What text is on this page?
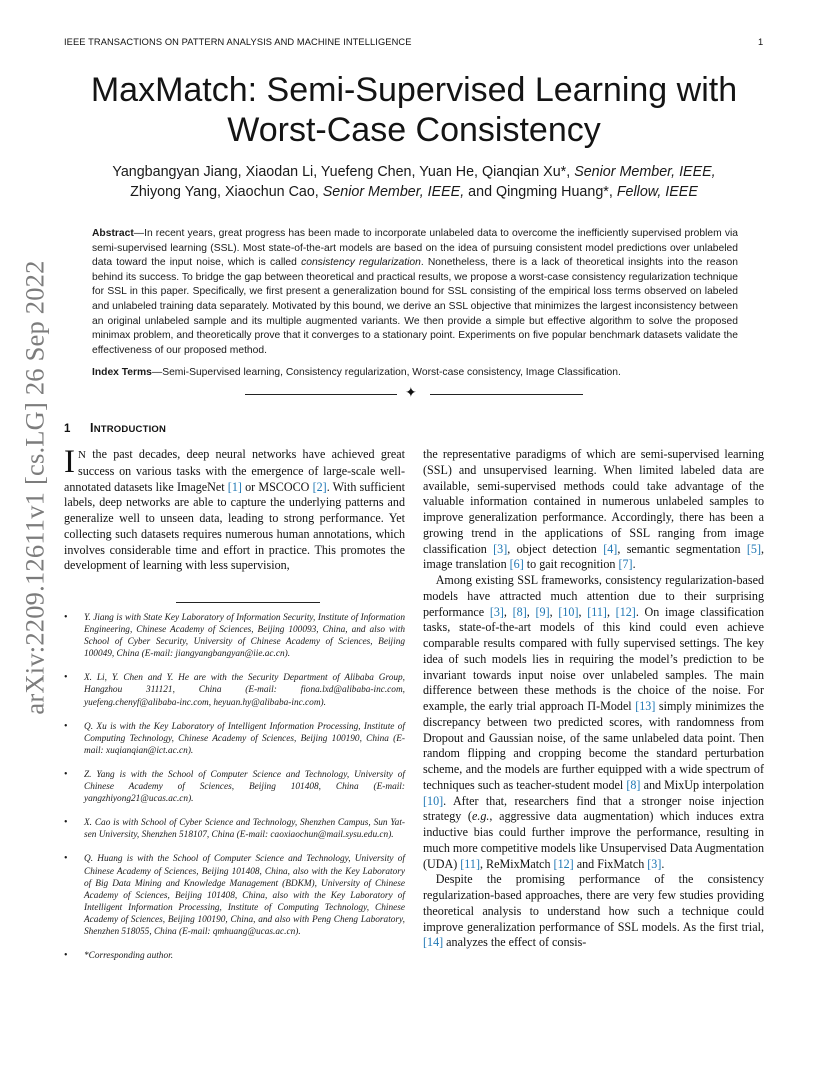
IEEE TRANSACTIONS ON PATTERN ANALYSIS AND MACHINE INTELLIGENCE	1
arXiv:2209.12611v1 [cs.LG] 26 Sep 2022
MaxMatch: Semi-Supervised Learning with Worst-Case Consistency
Yangbangyan Jiang, Xiaodan Li, Yuefeng Chen, Yuan He, Qianqian Xu*, Senior Member, IEEE,
Zhiyong Yang, Xiaochun Cao, Senior Member, IEEE, and Qingming Huang*, Fellow, IEEE
Abstract—In recent years, great progress has been made to incorporate unlabeled data to overcome the inefficiently supervised problem via semi-supervised learning (SSL). Most state-of-the-art models are based on the idea of pursuing consistent model predictions over unlabeled data toward the input noise, which is called consistency regularization. Nonetheless, there is a lack of theoretical insights into the reason behind its success. To bridge the gap between theoretical and practical results, we propose a worst-case consistency regularization technique for SSL in this paper. Specifically, we first present a generalization bound for SSL consisting of the empirical loss terms observed on labeled and unlabeled training data separately. Motivated by this bound, we derive an SSL objective that minimizes the largest inconsistency between an original unlabeled sample and its multiple augmented variants. We then provide a simple but effective algorithm to solve the proposed minimax problem, and theoretically prove that it converges to a stationary point. Experiments on five popular benchmark datasets validate the effectiveness of our proposed method.
Index Terms—Semi-Supervised learning, Consistency regularization, Worst-case consistency, Image Classification.
✦
1 INTRODUCTION

I N the past decades, deep neural networks have achieved great success on various tasks with the emergence of large-scale well-annotated datasets like ImageNet [1] or MSCOCO [2]. With sufficient labels, deep networks are able to capture the underlying patterns and generalize well to unseen data, leading to strong performance. Yet collecting such datasets requires numerous human annotations, which involves considerable time and effort in practice. This promotes the development of learning with less supervision,

• Y. Jiang is with State Key Laboratory of Information Security, Institute of Information Engineering, Chinese Academy of Sciences, Beijing 100093, China, and also with School of Cyber Security, University of Chinese Academy of Sciences, Beijing 100049, China (E-mail: jiangyangbangyan@iie.ac.cn).
• X. Li, Y. Chen and Y. He are with the Security Department of Alibaba Group, Hangzhou 311121, China (E-mail: fiona.lxd@alibaba-inc.com, yuefeng.chenyf@alibaba-inc.com, heyuan.hy@alibaba-inc.com).
• Q. Xu is with the Key Laboratory of Intelligent Information Processing, Institute of Computing Technology, Chinese Academy of Sciences, Beijing 100190, China (E-mail: xuqianqian@ict.ac.cn).
• Z. Yang is with the School of Computer Science and Technology, University of Chinese Academy of Sciences, Beijing 101408, China (E-mail: yangzhiyong21@ucas.ac.cn).
• X. Cao is with School of Cyber Science and Technology, Shenzhen Campus, Sun Yat-sen University, Shenzhen 518107, China (E-mail: caoxiaochun@mail.sysu.edu.cn).
• Q. Huang is with the School of Computer Science and Technology, University of Chinese Academy of Sciences, Beijing 101408, China, also with the Key Laboratory of Big Data Mining and Knowledge Management (BDKM), University of Chinese Academy of Sciences, Beijing 101408, China, also with the Key Laboratory of Intelligent Information Processing, Institute of Computing Technology, Chinese Academy of Sciences, Beijing 100190, China, and also with Peng Cheng Laboratory, Shenzhen 518055, China (E-mail: qmhuang@ucas.ac.cn).
• *Corresponding author.

the representative paradigms of which are semi-supervised learning (SSL) and unsupervised learning. When limited labeled data are available, semi-supervised methods could take advantage of the valuable information contained in numerous unlabeled samples to improve generalization performance. Accordingly, there has been a growing trend in the applications of SSL ranging from image classification [3], object detection [4], semantic segmentation [5], image translation [6] to gait recognition [7].

Among existing SSL frameworks, consistency regularization-based models have attracted much attention due to their surprising performance [3], [8], [9], [10], [11], [12]. On image classification tasks, state-of-the-art models of this kind could even achieve comparable results compared with fully supervised settings. The key idea of such models lies in requiring the model’s prediction to be invariant towards input noise over unlabeled samples. The main difference between these methods is the choice of the noise. For example, the early trial approach Π-Model [13] simply minimizes the discrepancy between two predicted scores, with randomness from Dropout and Gaussian noise, of the same unlabeled data point. Then random flipping and cropping become the standard perturbation scheme, and the models are further equipped with a wide spectrum of techniques such as teacher-student model [8] and MixUp interpolation [10]. After that, researchers find that a stronger noise injection strategy (e.g., aggressive data augmentation) which induces extra inductive bias could further improve the performance, resulting in much more competitive models like Unsupervised Data Augmentation (UDA) [11], ReMixMatch [12] and FixMatch [3].

Despite the promising performance of the consistency regularization-based approaches, there are very few studies providing theoretical analysis to understand how such a technique could improve generalization performance of SSL models. As the first trial, [14] analyzes the effect of consis-
